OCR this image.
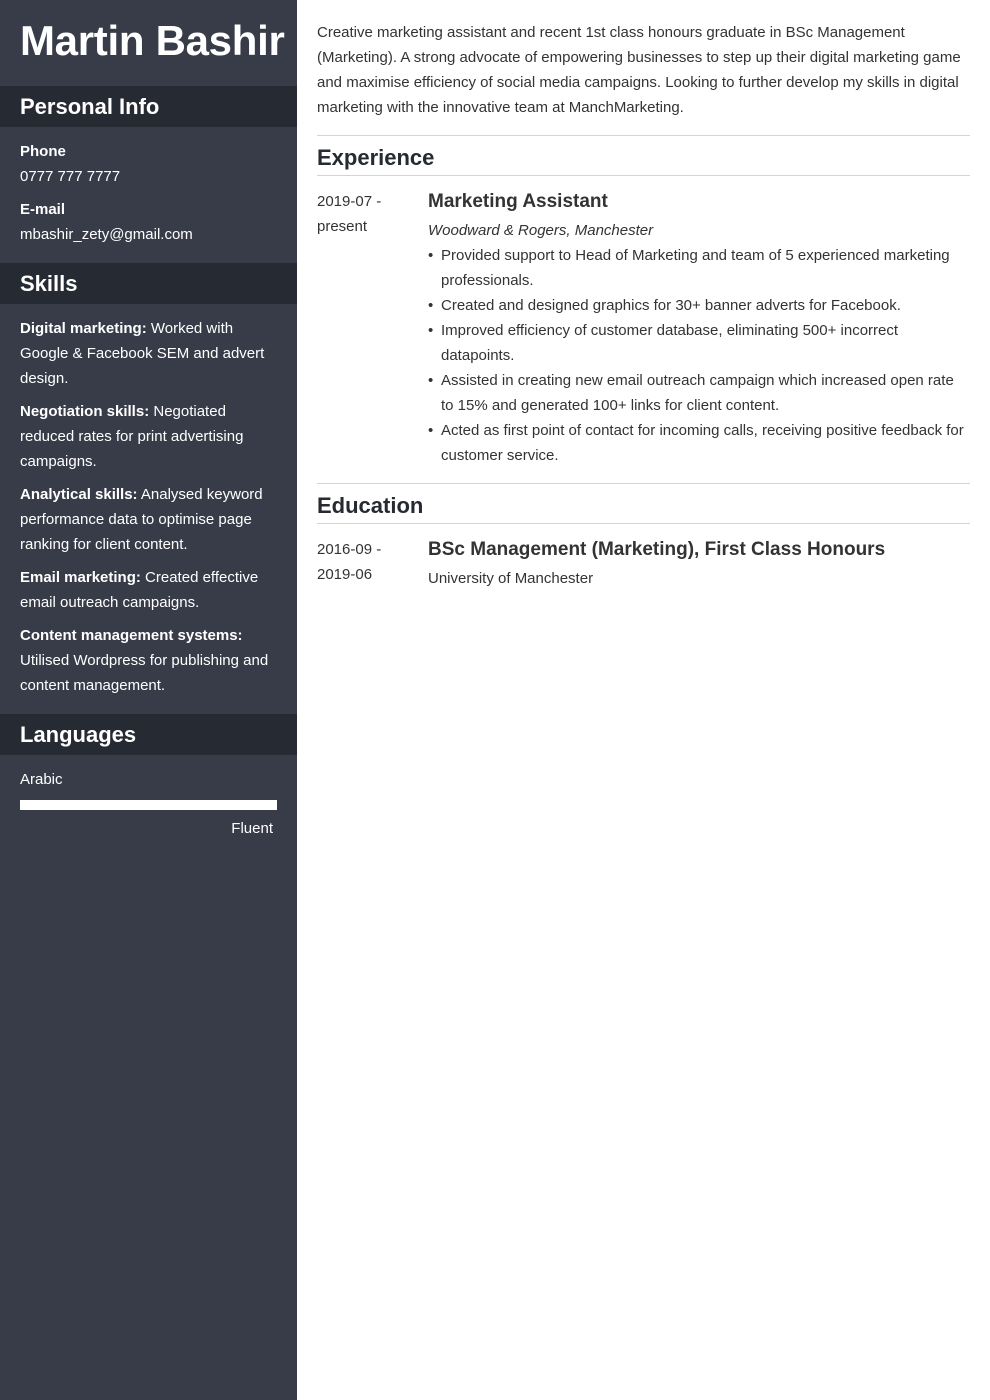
Martin Bashir
Personal Info
Phone
0777 777 7777
E-mail
mbashir_zety@gmail.com
Skills
Digital marketing: Worked with Google & Facebook SEM and advert design.
Negotiation skills: Negotiated reduced rates for print advertising campaigns.
Analytical skills: Analysed keyword performance data to optimise page ranking for client content.
Email marketing: Created effective email outreach campaigns.
Content management systems: Utilised Wordpress for publishing and content management.
Languages
Arabic
Fluent

Creative marketing assistant and recent 1st class honours graduate in BSc Management (Marketing). A strong advocate of empowering businesses to step up their digital marketing game and maximise efficiency of social media campaigns. Looking to further develop my skills in digital marketing with the innovative team at ManchMarketing.

Experience
2019-07 -
present
Marketing Assistant
Woodward & Rogers, Manchester
• Provided support to Head of Marketing and team of 5 experienced marketing professionals.
• Created and designed graphics for 30+ banner adverts for Facebook.
• Improved efficiency of customer database, eliminating 500+ incorrect datapoints.
• Assisted in creating new email outreach campaign which increased open rate to 15% and generated 100+ links for client content.
• Acted as first point of contact for incoming calls, receiving positive feedback for customer service.
Education
2016-09 -
2019-06
BSc Management (Marketing), First Class Honours
University of Manchester
